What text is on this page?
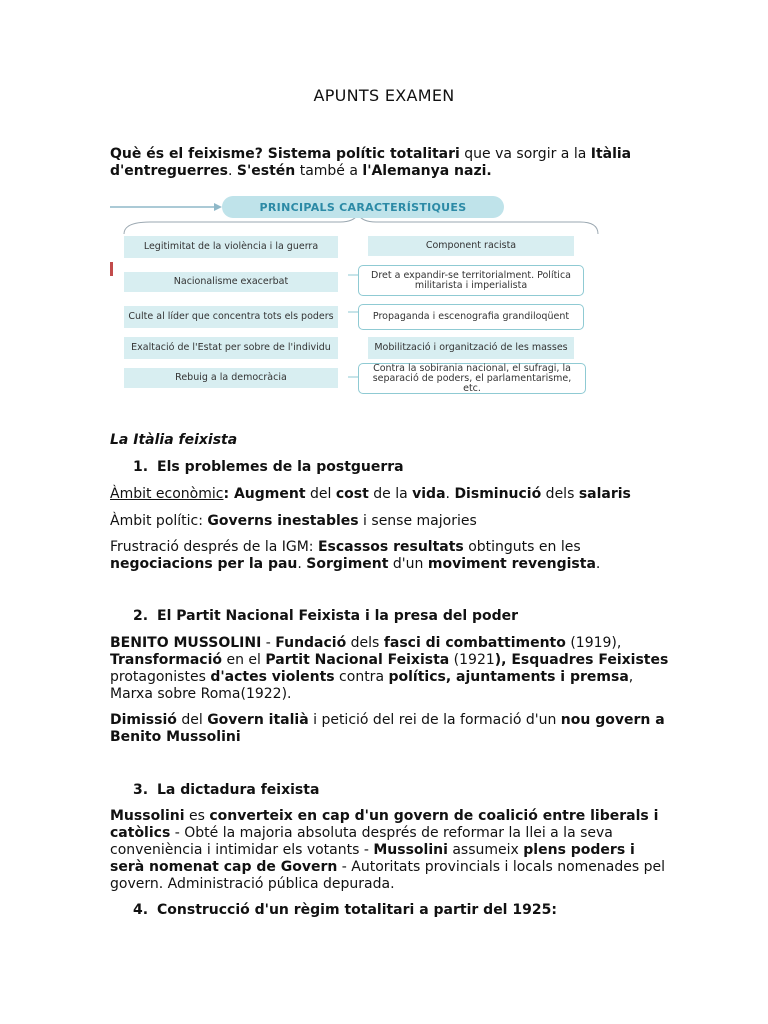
APUNTS EXAMEN
Què és el feixisme? Sistema polític totalitari que va sorgir a la Itàlia d'entreguerres. S'estén també a l'Alemanya nazi.
PRINCIPALS CARACTERÍSTIQUES
Legitimitat de la violència i la guerra
Nacionalisme exacerbat
Culte al líder que concentra tots els poders
Exaltació de l'Estat per sobre de l'individu
Rebuig a la democràcia
Component racista
Dret a expandir-se territorialment. Política militarista i imperialista
Propaganda i escenografia grandiloqüent
Mobilització i organització de les masses
Contra la sobirania nacional, el sufragi, la separació de poders, el parlamentarisme, etc.
La Itàlia feixista
1. Els problemes de la postguerra
Àmbit econòmic: Augment del cost de la vida. Disminució dels salaris
Àmbit polític: Governs inestables i sense majories
Frustració després de la IGM: Escassos resultats obtinguts en les negociacions per la pau. Sorgiment d'un moviment revengista.
2. El Partit Nacional Feixista i la presa del poder
BENITO MUSSOLINI - Fundació dels fasci di combattimento (1919), Transformació en el Partit Nacional Feixista (1921), Esquadres Feixistes protagonistes d'actes violents contra polítics, ajuntaments i premsa, Marxa sobre Roma(1922).
Dimissió del Govern italià i petició del rei de la formació d'un nou govern a Benito Mussolini
3. La dictadura feixista
Mussolini es converteix en cap d'un govern de coalició entre liberals i catòlics - Obté la majoria absoluta després de reformar la llei a la seva conveniència i intimidar els votants - Mussolini assumeix plens poders i serà nomenat cap de Govern - Autoritats provincials i locals nomenades pel govern. Administració pública depurada.
4. Construcció d'un règim totalitari a partir del 1925:
